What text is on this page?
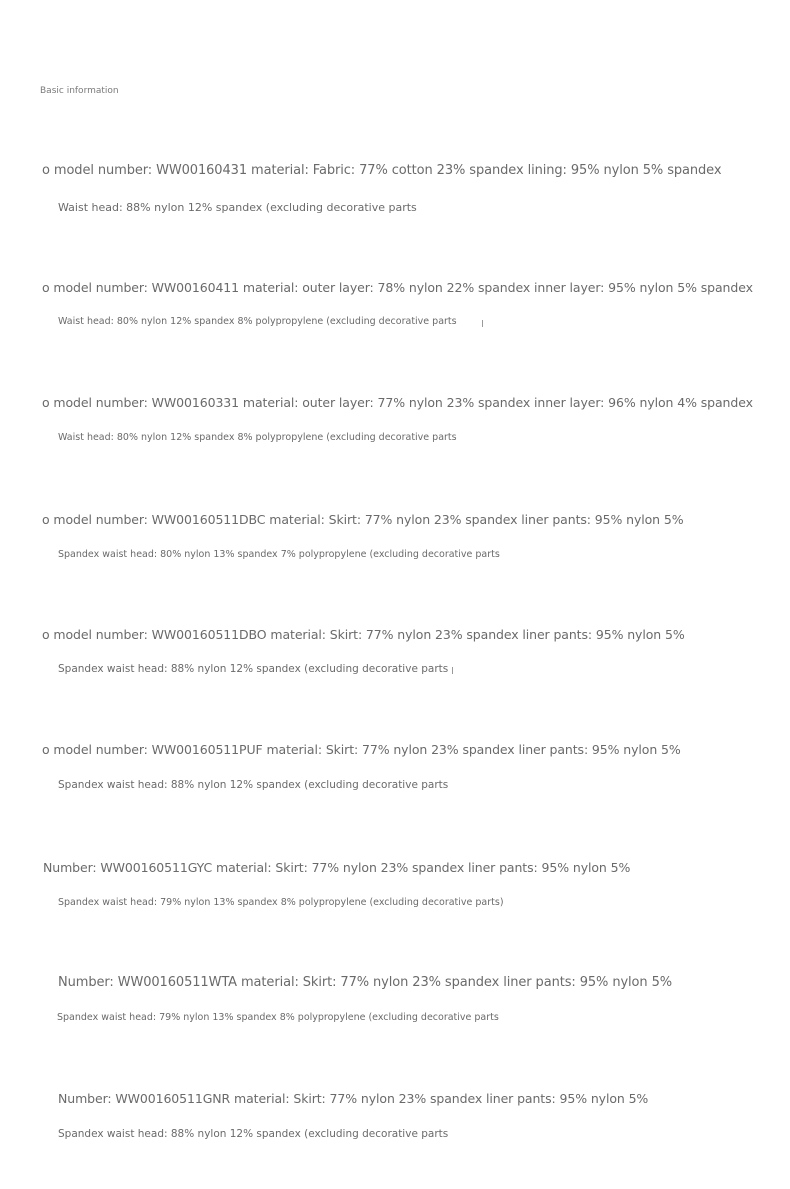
Basic information
o model number: WW00160431 material: Fabric: 77% cotton 23% spandex lining: 95% nylon 5% spandex
Waist head: 88% nylon 12% spandex (excluding decorative parts
o model number: WW00160411 material: outer layer: 78% nylon 22% spandex inner layer: 95% nylon 5% spandex
Waist head: 80% nylon 12% spandex 8% polypropylene (excluding decorative parts
o model number: WW00160331 material: outer layer: 77% nylon 23% spandex inner layer: 96% nylon 4% spandex
Waist head: 80% nylon 12% spandex 8% polypropylene (excluding decorative parts
o model number: WW00160511DBC material: Skirt: 77% nylon 23% spandex liner pants: 95% nylon 5%
Spandex waist head: 80% nylon 13% spandex 7% polypropylene (excluding decorative parts
o model number: WW00160511DBO material: Skirt: 77% nylon 23% spandex liner pants: 95% nylon 5%
Spandex waist head: 88% nylon 12% spandex (excluding decorative parts
o model number: WW00160511PUF material: Skirt: 77% nylon 23% spandex liner pants: 95% nylon 5%
Spandex waist head: 88% nylon 12% spandex (excluding decorative parts
Number: WW00160511GYC material: Skirt: 77% nylon 23% spandex liner pants: 95% nylon 5%
Spandex waist head: 79% nylon 13% spandex 8% polypropylene (excluding decorative parts)
Number: WW00160511WTA material: Skirt: 77% nylon 23% spandex liner pants: 95% nylon 5%
Spandex waist head: 79% nylon 13% spandex 8% polypropylene (excluding decorative parts
Number: WW00160511GNR material: Skirt: 77% nylon 23% spandex liner pants: 95% nylon 5%
Spandex waist head: 88% nylon 12% spandex (excluding decorative parts
